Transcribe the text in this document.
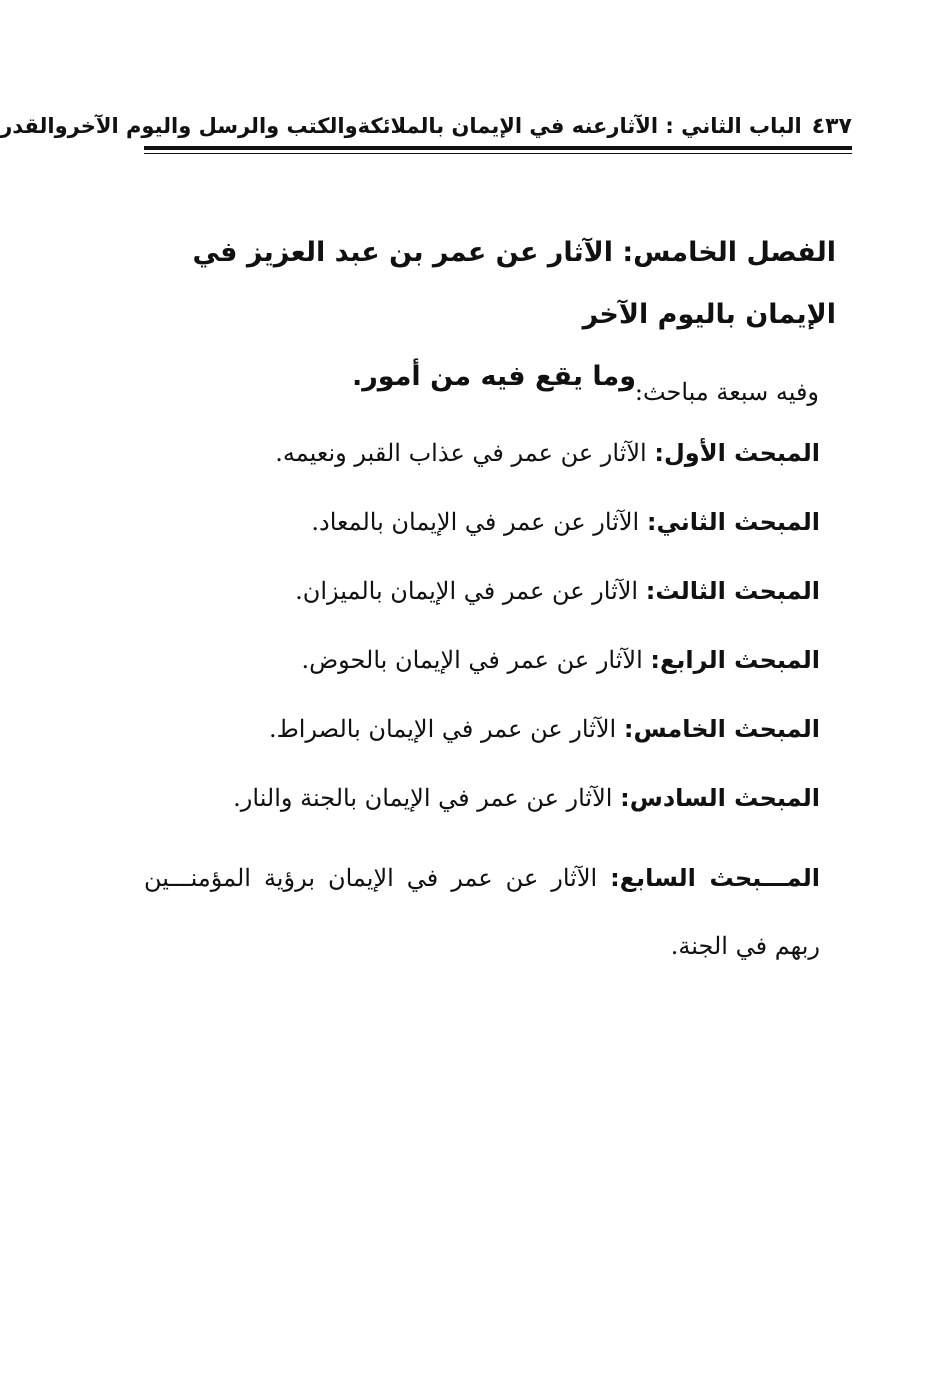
٤٣٧
الباب الثاني : الآثارعنه في الإيمان بالملائكةوالكتب والرسل واليوم الآخروالقدر
الفصل الخامس: الآثار عن عمر بن عبد العزيز في الإيمان باليوم الآخر
وما يقع فيه من أمور.
وفيه سبعة مباحث:
المبحث الأول: الآثار عن عمر في عذاب القبر ونعيمه.
المبحث الثاني: الآثار عن عمر في الإيمان بالمعاد.
المبحث الثالث: الآثار عن عمر في الإيمان بالميزان.
المبحث الرابع: الآثار عن عمر في الإيمان بالحوض.
المبحث الخامس: الآثار عن عمر في الإيمان بالصراط.
المبحث السادس: الآثار عن عمر في الإيمان بالجنة والنار.
المـــبحث السابع: الآثار عن عمر في الإيمان برؤية المؤمنـــين ربهم في الجنة.
